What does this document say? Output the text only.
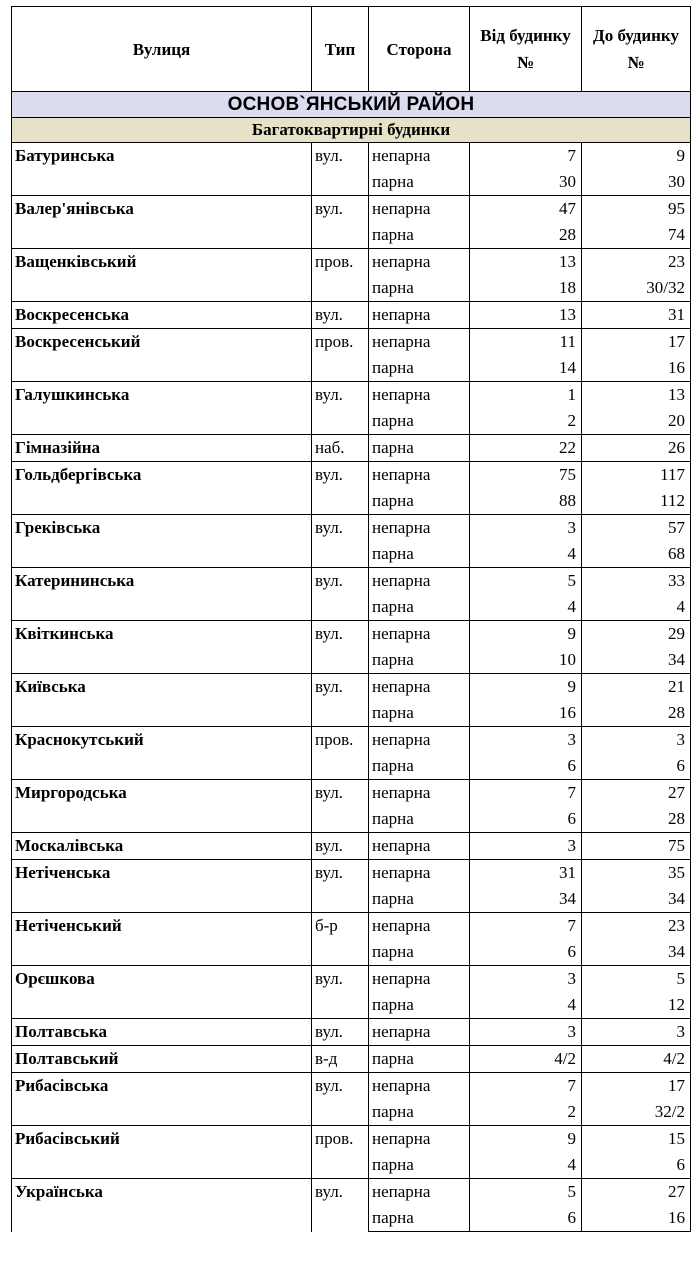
Вулиця	Тип	Сторона	Від будинку №	До будинку №
ОСНОВ`ЯНСЬКИЙ РАЙОН				
Багатоквартирні будинки				
Батуринська	вул.	непарна	7	9
		парна	30	30
Валер'янівська	вул.	непарна	47	95
		парна	28	74
Ващенківський	пров.	непарна	13	23
		парна	18	30/32
Воскресенська	вул.	непарна	13	31
Воскресенський	пров.	непарна	11	17
		парна	14	16
Галушкинська	вул.	непарна	1	13
		парна	2	20
Гімназійна	наб.	парна	22	26
Гольдбергівська	вул.	непарна	75	117
		парна	88	112
Греківська	вул.	непарна	3	57
		парна	4	68
Катерининська	вул.	непарна	5	33
		парна	4	4
Квіткинська	вул.	непарна	9	29
		парна	10	34
Київська	вул.	непарна	9	21
		парна	16	28
Краснокутський	пров.	непарна	3	3
		парна	6	6
Миргородська	вул.	непарна	7	27
		парна	6	28
Москалівська	вул.	непарна	3	75
Нетіченська	вул.	непарна	31	35
		парна	34	34
Нетіченський	б-р	непарна	7	23
		парна	6	34
Орєшкова	вул.	непарна	3	5
		парна	4	12
Полтавська	вул.	непарна	3	3
Полтавський	в-д	парна	4/2	4/2
Рибасівська	вул.	непарна	7	17
		парна	2	32/2
Рибасівський	пров.	непарна	9	15
		парна	4	6
Українська	вул.	непарна	5	27
		парна	6	16
